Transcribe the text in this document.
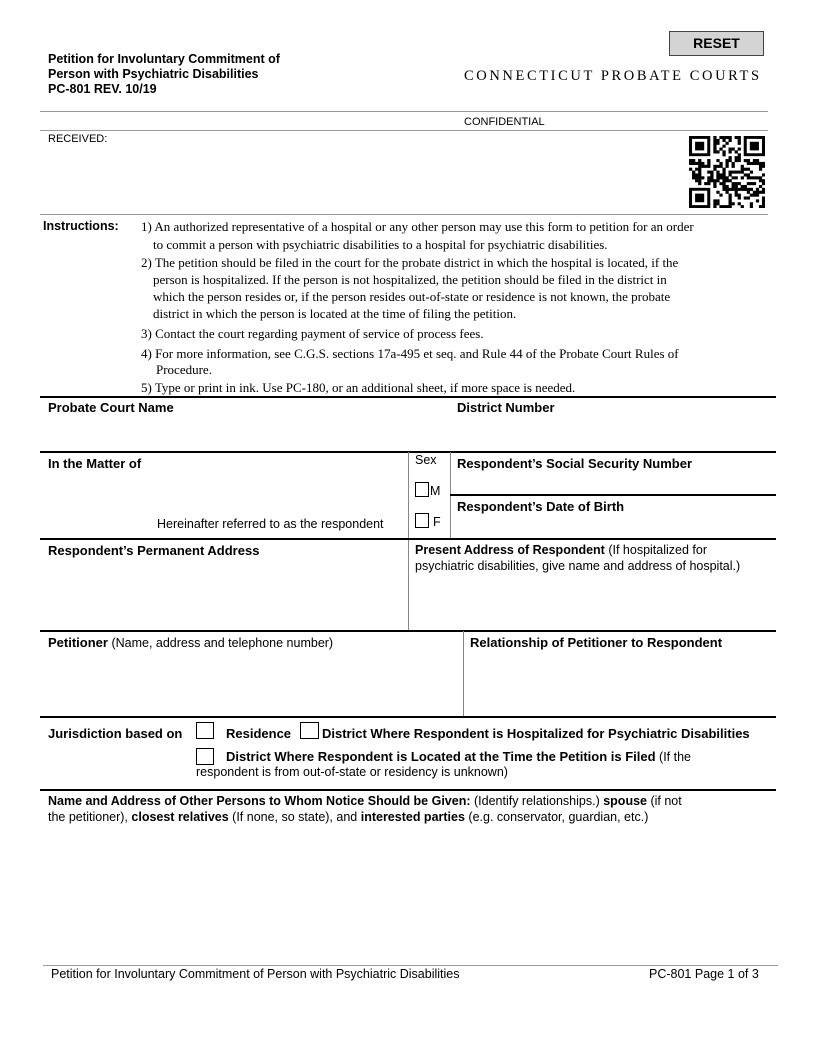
Petition for Involuntary Commitment of
Person with Psychiatric Disabilities
PC-801 REV. 10/19
RESET
CONNECTICUT PROBATE COURTS
CONFIDENTIAL
RECEIVED:
Instructions: 1) An authorized representative of a hospital or any other person may use this form to petition for an order
to commit a person with psychiatric disabilities to a hospital for psychiatric disabilities.
2) The petition should be filed in the court for the probate district in which the hospital is located, if the
person is hospitalized. If the person is not hospitalized, the petition should be filed in the district in
which the person resides or, if the person resides out-of-state or residence is not known, the probate
district in which the person is located at the time of filing the petition.
3) Contact the court regarding payment of service of process fees.
4) For more information, see C.G.S. sections 17a-495 et seq. and Rule 44 of the Probate Court Rules of
Procedure.
5) Type or print in ink. Use PC-180, or an additional sheet, if more space is needed.
Probate Court Name	District Number
In the Matter of
Hereinafter referred to as the respondent
Sex
M
F
Respondent’s Social Security Number
Respondent’s Date of Birth
Respondent’s Permanent Address	Present Address of Respondent (If hospitalized for
psychiatric disabilities, give name and address of hospital.)
Petitioner (Name, address and telephone number)	Relationship of Petitioner to Respondent
Jurisdiction based on	Residence District Where Respondent is Hospitalized for Psychiatric Disabilities
District Where Respondent is Located at the Time the Petition is Filed (If the
respondent is from out-of-state or residency is unknown)
Name and Address of Other Persons to Whom Notice Should be Given: (Identify relationships.) spouse (if not
the petitioner), closest relatives (If none, so state), and interested parties (e.g. conservator, guardian, etc.)
Petition for Involuntary Commitment of Person with Psychiatric Disabilities	PC-801 Page 1 of 3
